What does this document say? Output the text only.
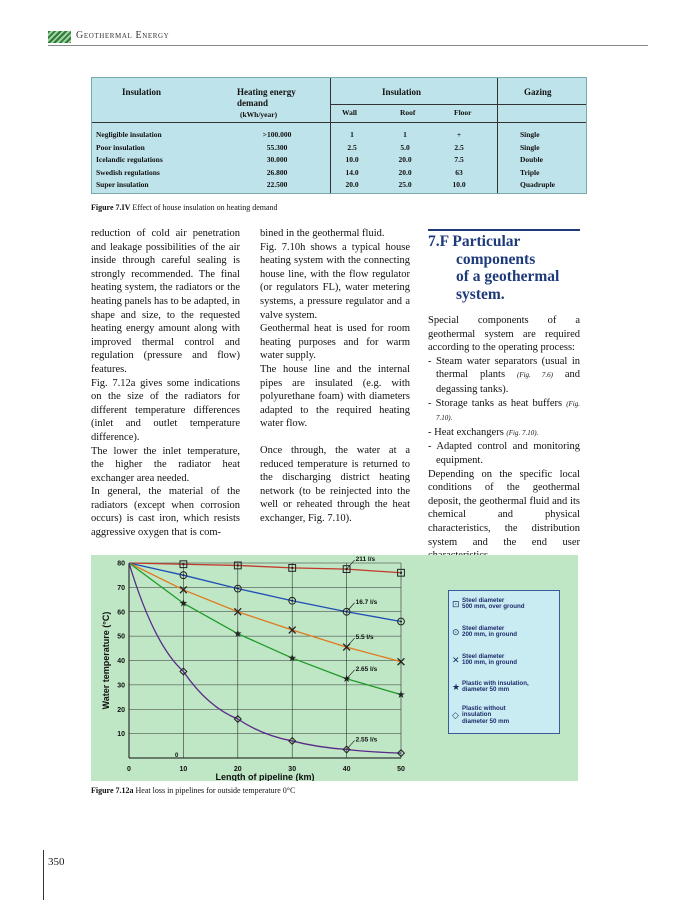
Geothermal Energy
Insulation	Heating energy demand
(kWh/year)
Insulation	Gazing
Wall	Roof	Floor
Negligible insulation	>100.000	1	1	+	Single
Poor insulation	55.300	2.5	5.0	2.5	Single
Icelandic regulations	30.000	10.0	20.0	7.5	Double
Swedish regulations	26.800	14.0	20.0	63	Triple
Super insulation	22.500	20.0	25.0	10.0	Quadruple
Figure 7.IV Effect of house insulation on heating demand

reduction of cold air penetration and leakage possibilities of the air inside through careful sealing is strongly recommended. The final heating system, the radiators or the heating panels has to be adapted, in shape and size, to the requested heating energy amount along with improved thermal control and regulation (pressure and flow) features.

Fig. 7.12a gives some indications on the size of the radiators for different temperature differences (inlet and outlet temperature difference).

The lower the inlet temperature, the higher the radiator heat exchanger area needed.

In general, the material of the radiators (except when corrosion occurs) is cast iron, which resists aggressive oxygen that is com-

bined in the geothermal fluid.

Fig. 7.10h shows a typical house heating system with the connecting house line, with the flow regulator (or regulators FL), water metering systems, a pressure regulator and a valve system.

Geothermal heat is used for room heating purposes and for warm water supply.

The house line and the internal pipes are insulated (e.g. with polyurethane foam) with diameters adapted to the required heating water flow.

Once through, the water at a reduced temperature is returned to the discharging district heating network (to be reinjected into the well or reheated through the heat exchanger, Fig. 7.10).

7.F Particular
components
of a geothermal
system.

Special components of a geothermal system are required according to the operating process:

- Steam water separators (usual in thermal plants (Fig. 7.6) and degassing tanks).

- Storage tanks as heat buffers (Fig. 7.10).

- Heat exchangers (Fig. 7.10).

- Adapted control and monitoring equipment.

Depending on the specific local conditions of the geothermal deposit, the geothermal fluid and its chemical and physical characteristics, the distribution system and the end user

0	10	20	30	40	50
10
20
30
40
50
60
70
80
Length of pipeline (km)
Water temperature (°C)
0
211 l/s
16.7 l/s
5.5 l/s
2.65 l/s
2.55 l/s
⊡ Steel diameter
500 mm, over ground
⊙ Steel diameter
200 mm, in ground
✕ Steel diameter
100 mm, in ground
★ Plastic with insulation,
diameter 50 mm
◇
Plastic without
insulation
diameter 50 mm
Figure 7.12a Heat loss in pipelines for outside temperature 0°C
350
